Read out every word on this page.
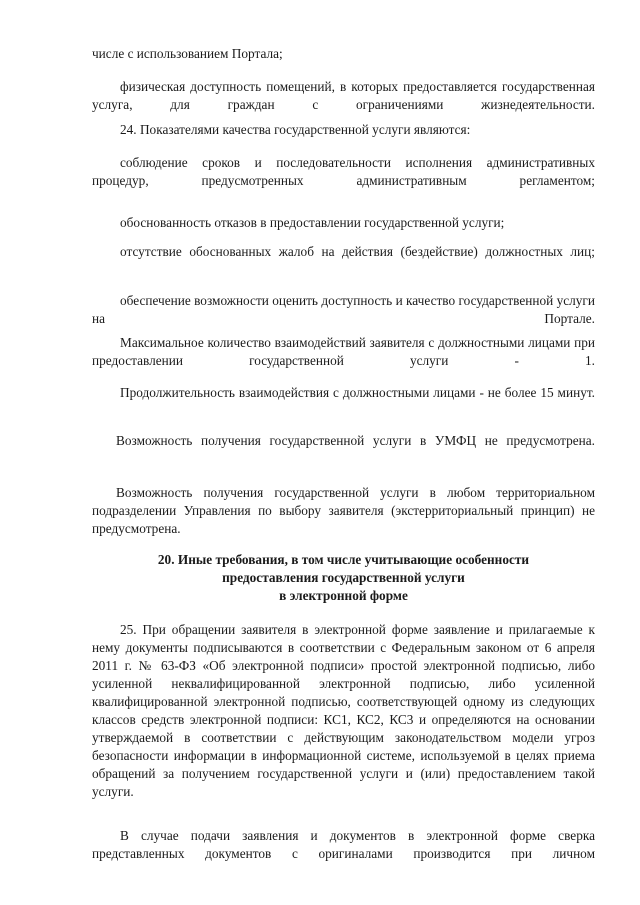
числе с использованием Портала;

физическая доступность помещений, в которых предоставляется государственная услуга, для граждан с ограничениями жизнедеятельности.

24. Показателями качества государственной услуги являются:

соблюдение сроков и последовательности исполнения административных процедур, предусмотренных административным регламентом;

обоснованность отказов в предоставлении государственной услуги;

отсутствие обоснованных жалоб на действия (бездействие) должностных лиц;

обеспечение возможности оценить доступность и качество государственной услуги на Портале.

Максимальное количество взаимодействий заявителя с должностными лицами при предоставлении государственной услуги - 1.

Продолжительность взаимодействия с должностными лицами - не более 15 минут.

Возможность получения государственной услуги в УМФЦ не предусмотрена.

Возможность получения государственной услуги в любом территориальном подразделении Управления по выбору заявителя (экстерриториальный принцип) не предусмотрена.

20. Иные требования, в том числе учитывающие особенности

предоставления государственной услуги

в электронной форме

25. При обращении заявителя в электронной форме заявление и прилагаемые к нему документы подписываются в соответствии с Федеральным законом от 6 апреля 2011 г. № 63-ФЗ «Об электронной подписи» простой электронной подписью, либо усиленной неквалифицированной электронной подписью, либо усиленной квалифицированной электронной подписью, соответствующей одному из следующих классов средств электронной подписи: КС1, КС2, КС3 и определяются на основании утверждаемой в соответствии с действующим законодательством модели угроз безопасности информации в информационной системе, используемой в целях приема обращений за получением государственной услуги и (или) предоставлением такой услуги.

В случае подачи заявления и документов в электронной форме сверка представленных документов с оригиналами производится при личном
